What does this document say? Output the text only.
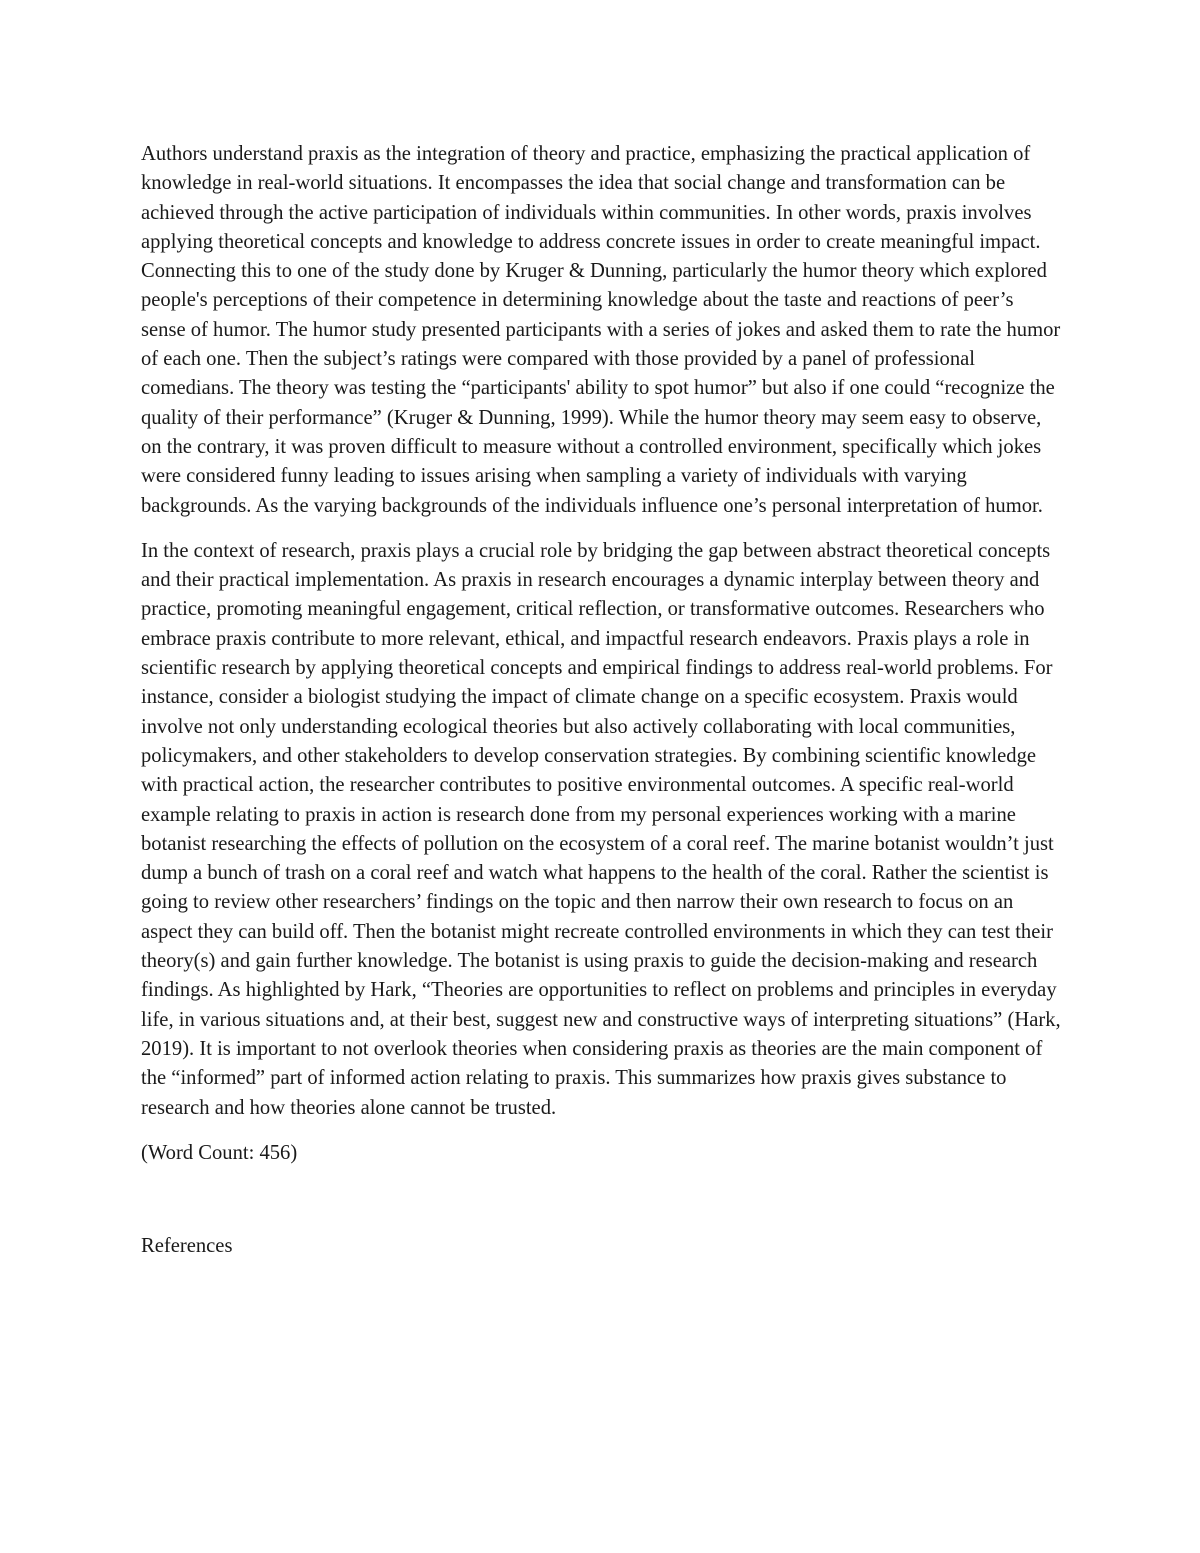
Authors understand praxis as the integration of theory and practice, emphasizing the practical application of knowledge in real-world situations. It encompasses the idea that social change and transformation can be achieved through the active participation of individuals within communities. In other words, praxis involves applying theoretical concepts and knowledge to address concrete issues in order to create meaningful impact. Connecting this to one of the study done by Kruger & Dunning, particularly the humor theory which explored people's perceptions of their competence in determining knowledge about the taste and reactions of peer’s sense of humor. The humor study presented participants with a series of jokes and asked them to rate the humor of each one. Then the subject’s ratings were compared with those provided by a panel of professional comedians. The theory was testing the “participants' ability to spot humor” but also if one could “recognize the quality of their performance” (Kruger & Dunning, 1999). While the humor theory may seem easy to observe, on the contrary, it was proven difficult to measure without a controlled environment, specifically which jokes were considered funny leading to issues arising when sampling a variety of individuals with varying backgrounds. As the varying backgrounds of the individuals influence one’s personal interpretation of humor.

In the context of research, praxis plays a crucial role by bridging the gap between abstract theoretical concepts and their practical implementation. As praxis in research encourages a dynamic interplay between theory and practice, promoting meaningful engagement, critical reflection, or transformative outcomes. Researchers who embrace praxis contribute to more relevant, ethical, and impactful research endeavors. Praxis plays a role in scientific research by applying theoretical concepts and empirical findings to address real-world problems. For instance, consider a biologist studying the impact of climate change on a specific ecosystem. Praxis would involve not only understanding ecological theories but also actively collaborating with local communities, policymakers, and other stakeholders to develop conservation strategies. By combining scientific knowledge with practical action, the researcher contributes to positive environmental outcomes. A specific real-world example relating to praxis in action is research done from my personal experiences working with a marine botanist researching the effects of pollution on the ecosystem of a coral reef. The marine botanist wouldn’t just dump a bunch of trash on a coral reef and watch what happens to the health of the coral. Rather the scientist is going to review other researchers’ findings on the topic and then narrow their own research to focus on an aspect they can build off. Then the botanist might recreate controlled environments in which they can test their theory(s) and gain further knowledge. The botanist is using praxis to guide the decision-making and research findings. As highlighted by Hark, “Theories are opportunities to reflect on problems and principles in everyday life, in various situations and, at their best, suggest new and constructive ways of interpreting situations” (Hark, 2019). It is important to not overlook theories when considering praxis as theories are the main component of the “informed” part of informed action relating to praxis. This summarizes how praxis gives substance to research and how theories alone cannot be trusted.

(Word Count: 456)

References
